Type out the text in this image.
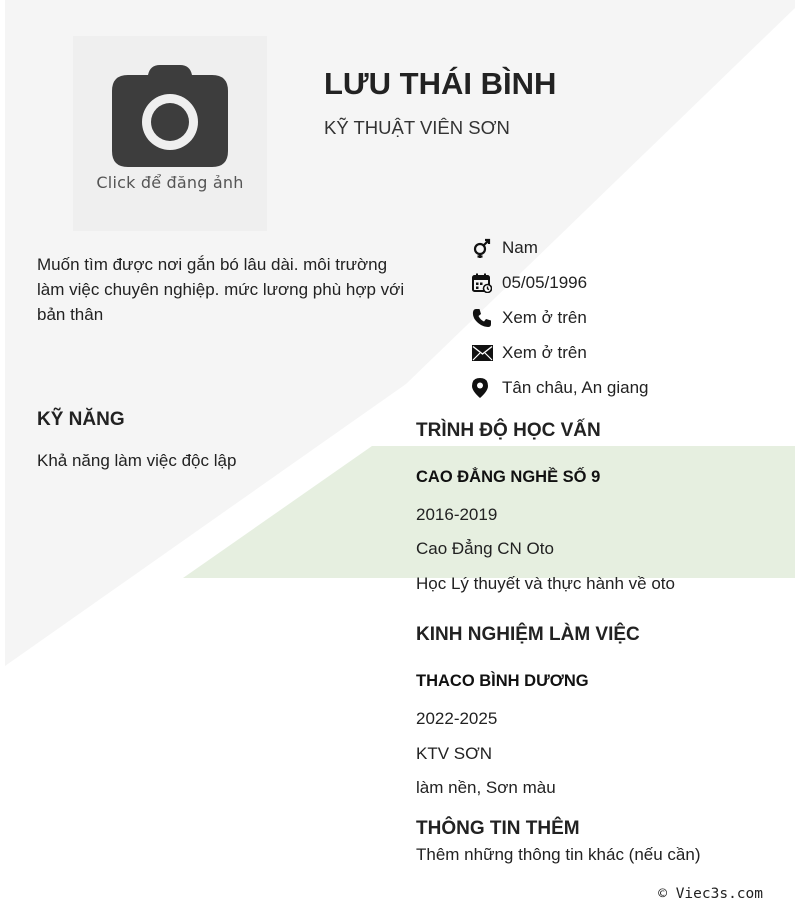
Click để đăng ảnh
LƯU THÁI BÌNH
KỸ THUẬT VIÊN SƠN
Muốn tìm được nơi gắn bó lâu dài. môi trường làm việc chuyên nghiệp. mức lương phù hợp với bản thân
Nam
05/05/1996
Xem ở trên
Xem ở trên
Tân châu, An giang
KỸ NĂNG
Khả năng làm việc độc lập
TRÌNH ĐỘ HỌC VẤN
CAO ĐẲNG NGHỀ SỐ 9
2016-2019
Cao Đẳng CN Oto
Học Lý thuyết và thực hành về oto
KINH NGHIỆM LÀM VIỆC
THACO BÌNH DƯƠNG
2022-2025
KTV SƠN
làm nền, Sơn màu
THÔNG TIN THÊM
Thêm những thông tin khác (nếu cần)
© Viec3s.com
